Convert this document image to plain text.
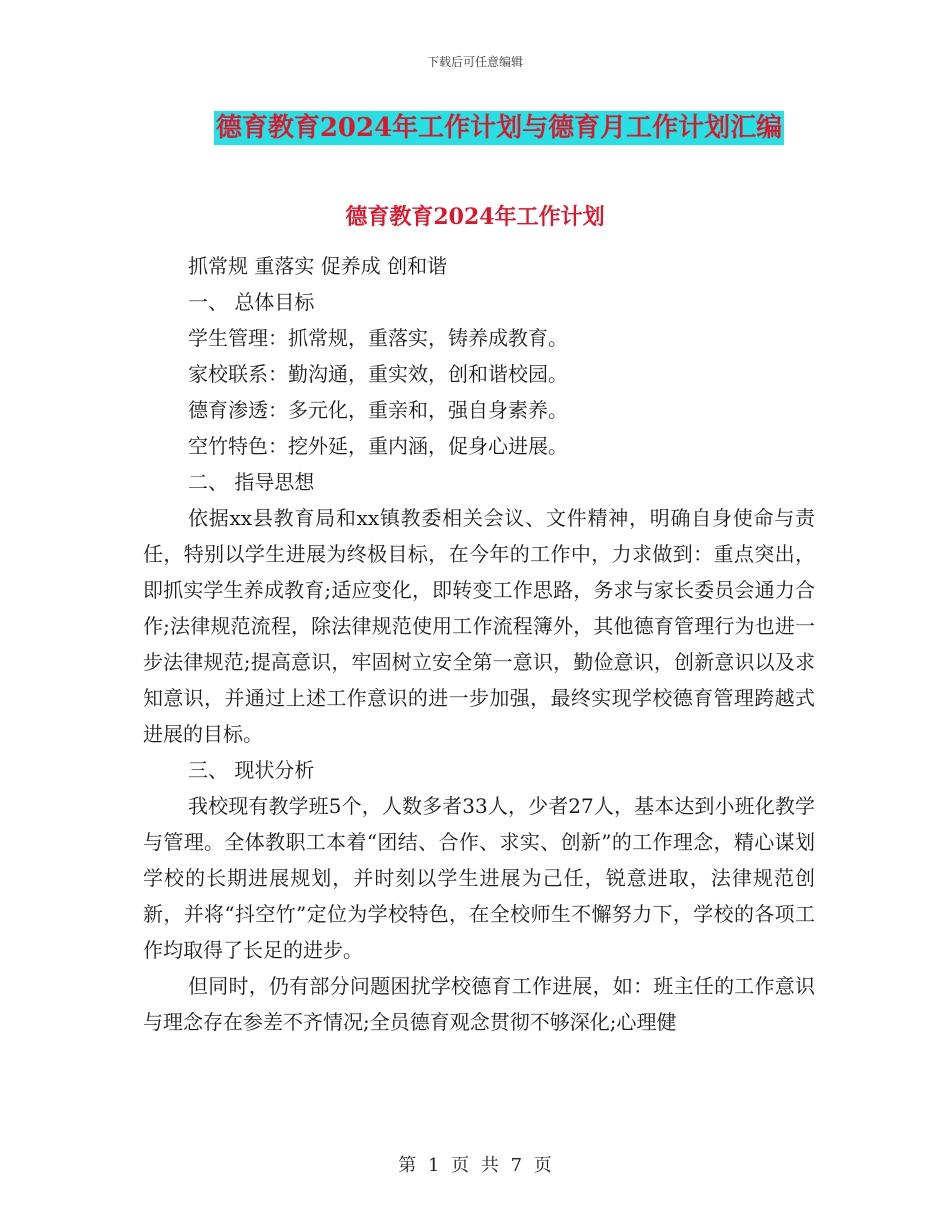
下载后可任意编辑
德育教育2024年工作计划与德育月工作计划汇编
德育教育2024年工作计划

抓常规 重落实 促养成 创和谐

一、 总体目标

学生管理：抓常规，重落实，铸养成教育。

家校联系：勤沟通，重实效，创和谐校园。

德育渗透：多元化，重亲和，强自身素养。

空竹特色：挖外延，重内涵，促身心进展。

二、 指导思想

依据xx县教育局和xx镇教委相关会议、文件精神，明确自身使命与责任，特别以学生进展为终极目标，在今年的工作中，力求做到：重点突出，即抓实学生养成教育;适应变化，即转变工作思路，务求与家长委员会通力合作;法律规范流程，除法律规范使用工作流程簿外，其他德育管理行为也进一步法律规范;提高意识，牢固树立安全第一意识，勤俭意识，创新意识以及求知意识，并通过上述工作意识的进一步加强，最终实现学校德育管理跨越式进展的目标。

三、 现状分析

我校现有教学班5个，人数多者33人，少者27人，基本达到小班化教学与管理。全体教职工本着“团结、合作、求实、创新”的工作理念，精心谋划学校的长期进展规划，并时刻以学生进展为己任，锐意进取，法律规范创新，并将“抖空竹”定位为学校特色，在全校师生不懈努力下，学校的各项工作均取得了长足的进步。

但同时，仍有部分问题困扰学校德育工作进展，如：班主任的工作意识与理念存在参差不齐情况;全员德育观念贯彻不够深化;心理健

第 1 页 共 7 页
